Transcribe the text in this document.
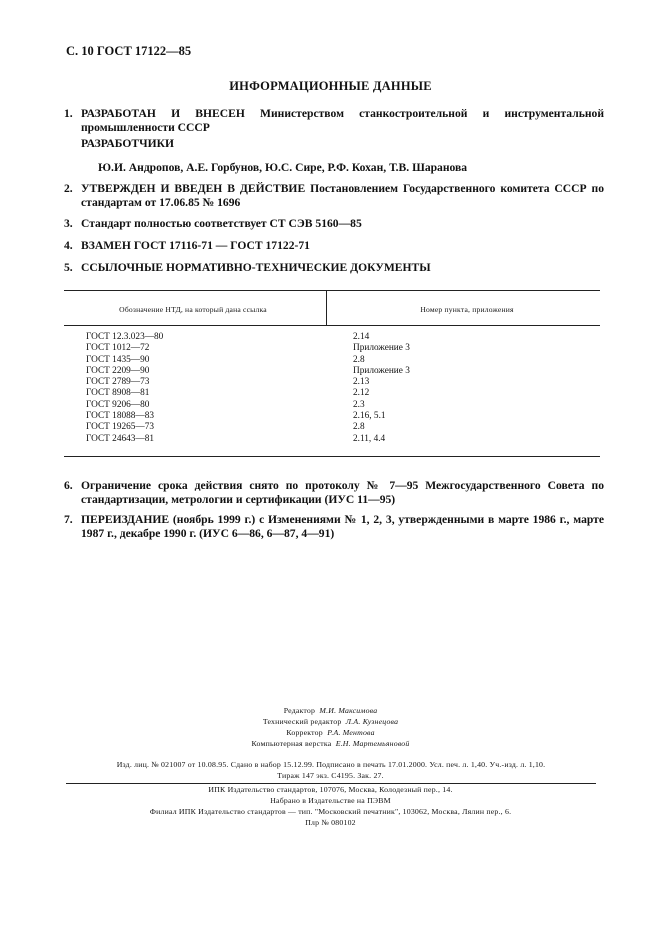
С. 10 ГОСТ 17122—85
ИНФОРМАЦИОННЫЕ ДАННЫЕ
1. РАЗРАБОТАН И ВНЕСЕН Министерством станкостроительной и инструментальной промышленности СССР
РАЗРАБОТЧИКИ
Ю.И. Андропов, А.Е. Горбунов, Ю.С. Сире, Р.Ф. Кохан, Т.В. Шаранова
2. УТВЕРЖДЕН И ВВЕДЕН В ДЕЙСТВИЕ Постановлением Государственного комитета СССР по стандартам от 17.06.85 № 1696
3. Стандарт полностью соответствует СТ СЭВ 5160—85
4. ВЗАМЕН ГОСТ 17116-71 — ГОСТ 17122-71
5. ССЫЛОЧНЫЕ НОРМАТИВНО-ТЕХНИЧЕСКИЕ ДОКУМЕНТЫ
Обозначение НТД, на который дана ссылка	Номер пункта, приложения
ГОСТ 12.3.023—80
ГОСТ 1012—72
ГОСТ 1435—90
ГОСТ 2209—90
ГОСТ 2789—73
ГОСТ 8908—81
ГОСТ 9206—80
ГОСТ 18088—83
ГОСТ 19265—73
ГОСТ 24643—81
2.14
Приложение 3
2.8
Приложение 3
2.13
2.12
2.3
2.16, 5.1
2.8
2.11, 4.4
6. Ограничение срока действия снято по протоколу № 7—95 Межгосударственного Совета по стандартизации, метрологии и сертификации (ИУС 11—95)
7. ПЕРЕИЗДАНИЕ (ноябрь 1999 г.) с Изменениями № 1, 2, 3, утвержденными в марте 1986 г., марте 1987 г., декабре 1990 г. (ИУС 6—86, 6—87, 4—91)
Редактор М.И. Максимова
Технический редактор Л.А. Кузнецова
Корректор Р.А. Ментова
Компьютерная верстка Е.Н. Мартемьяновой
Изд. лиц. № 021007 от 10.08.95. Сдано в набор 15.12.99. Подписано в печать 17.01.2000. Усл. печ. л. 1,40. Уч.-изд. л. 1,10.
Тираж 147 экз. С4195. Зак. 27.
ИПК Издательство стандартов, 107076, Москва, Колодезный пер., 14.
Набрано в Издательстве на ПЭВМ
Филиал ИПК Издательство стандартов — тип. "Московский печатник", 103062, Москва, Лялин пер., 6.
Плр № 080102
